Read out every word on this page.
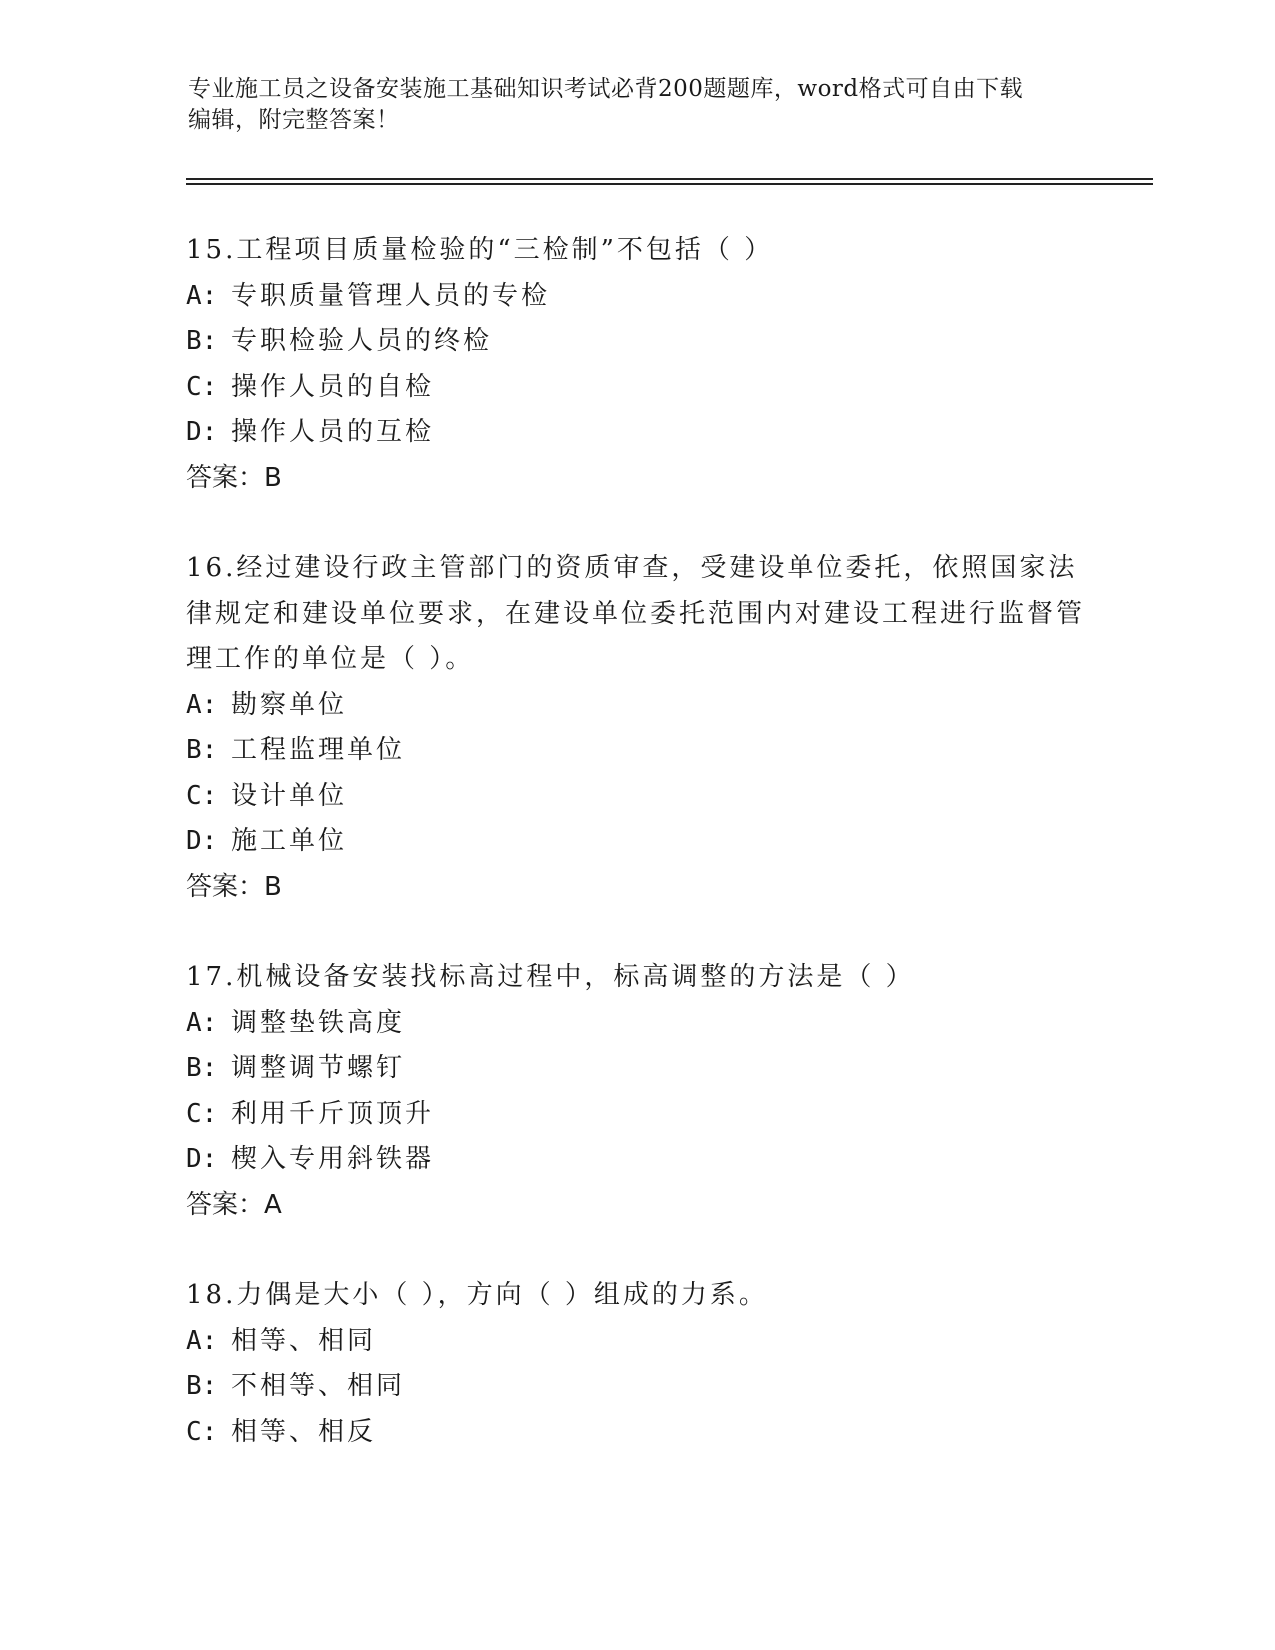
专业施工员之设备安装施工基础知识考试必背200题题库，word格式可自由下载
编辑，附完整答案！
15.工程项目质量检验的“三检制”不包括（ ）
A: 专职质量管理人员的专检
B: 专职检验人员的终检
C: 操作人员的自检
D: 操作人员的互检
答案：B
16.经过建设行政主管部门的资质审查，受建设单位委托，依照国家法律规定和建设单位要求，在建设单位委托范围内对建设工程进行监督管理工作的单位是（ ）。
A: 勘察单位
B: 工程监理单位
C: 设计单位
D: 施工单位
答案：B
17.机械设备安装找标高过程中，标高调整的方法是（ ）
A: 调整垫铁高度
B: 调整调节螺钉
C: 利用千斤顶顶升
D: 楔入专用斜铁器
答案：A
18.力偶是大小（ ），方向（ ）组成的力系。
A: 相等、相同
B: 不相等、相同
C: 相等、相反
